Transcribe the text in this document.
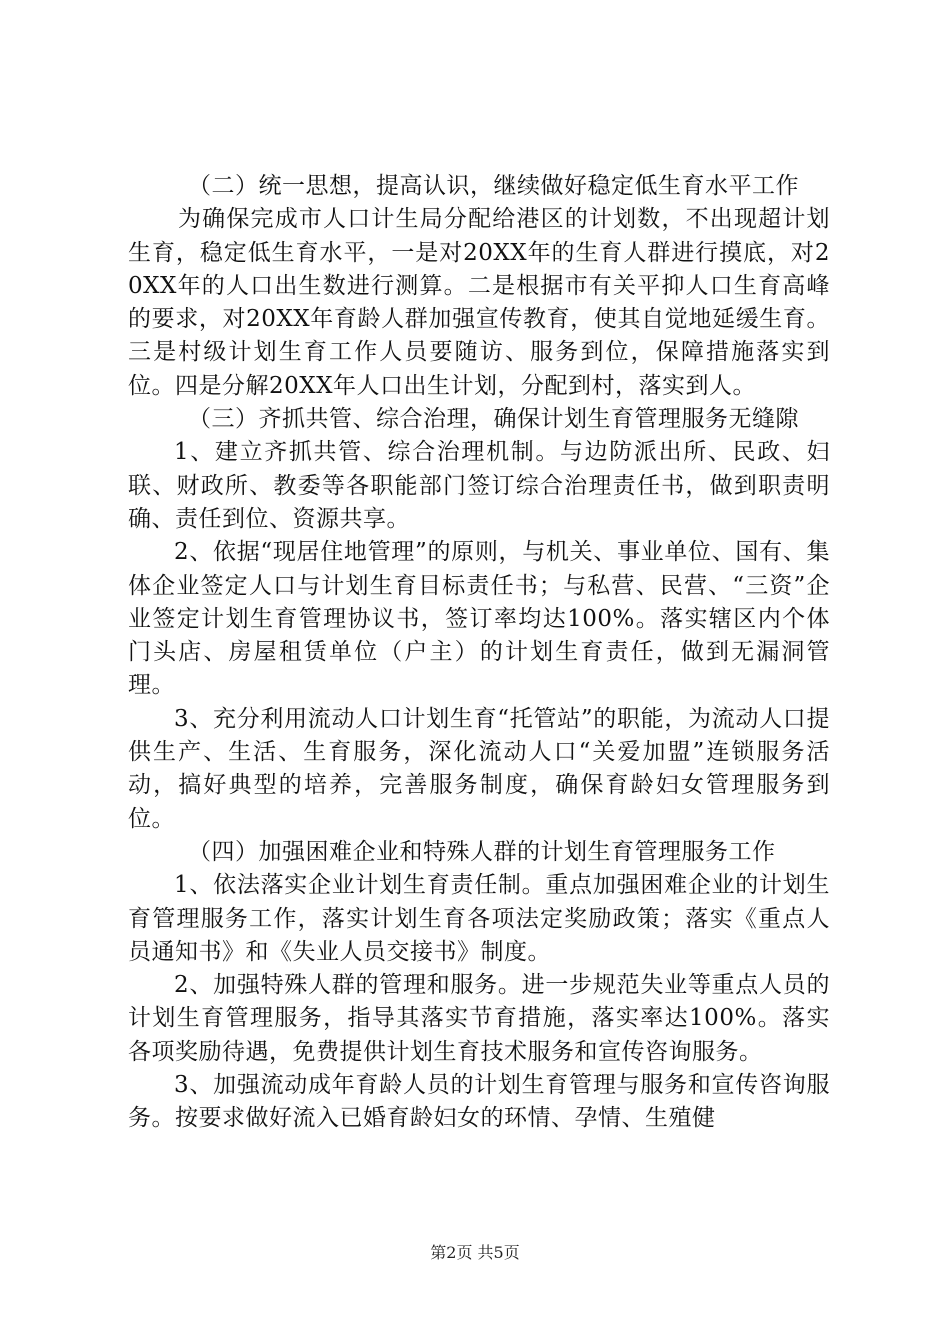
（二）统一思想，提高认识，继续做好稳定低生育水平工作

为确保完成市人口计生局分配给港区的计划数，不出现超计划生育，稳定低生育水平，一是对20XX年的生育人群进行摸底，对20XX年的人口出生数进行测算。二是根据市有关平抑人口生育高峰的要求，对20XX年育龄人群加强宣传教育，使其自觉地延缓生育。三是村级计划生育工作人员要随访、服务到位，保障措施落实到位。四是分解20XX年人口出生计划，分配到村，落实到人。

（三）齐抓共管、综合治理，确保计划生育管理服务无缝隙

1、建立齐抓共管、综合治理机制。与边防派出所、民政、妇联、财政所、教委等各职能部门签订综合治理责任书，做到职责明确、责任到位、资源共享。

2、依据“现居住地管理”的原则，与机关、事业单位、国有、集体企业签定人口与计划生育目标责任书；与私营、民营、“三资”企业签定计划生育管理协议书，签订率均达100%。落实辖区内个体门头店、房屋租赁单位（户主）的计划生育责任，做到无漏洞管理。

3、充分利用流动人口计划生育“托管站”的职能，为流动人口提供生产、生活、生育服务，深化流动人口“关爱加盟”连锁服务活动，搞好典型的培养，完善服务制度，确保育龄妇女管理服务到位。

（四）加强困难企业和特殊人群的计划生育管理服务工作

1、依法落实企业计划生育责任制。重点加强困难企业的计划生育管理服务工作，落实计划生育各项法定奖励政策；落实《重点人员通知书》和《失业人员交接书》制度。

2、加强特殊人群的管理和服务。进一步规范失业等重点人员的计划生育管理服务，指导其落实节育措施，落实率达100%。落实各项奖励待遇，免费提供计划生育技术服务和宣传咨询服务。

3、加强流动成年育龄人员的计划生育管理与服务和宣传咨询服务。按要求做好流入已婚育龄妇女的环情、孕情、生殖健

第2页 共5页
